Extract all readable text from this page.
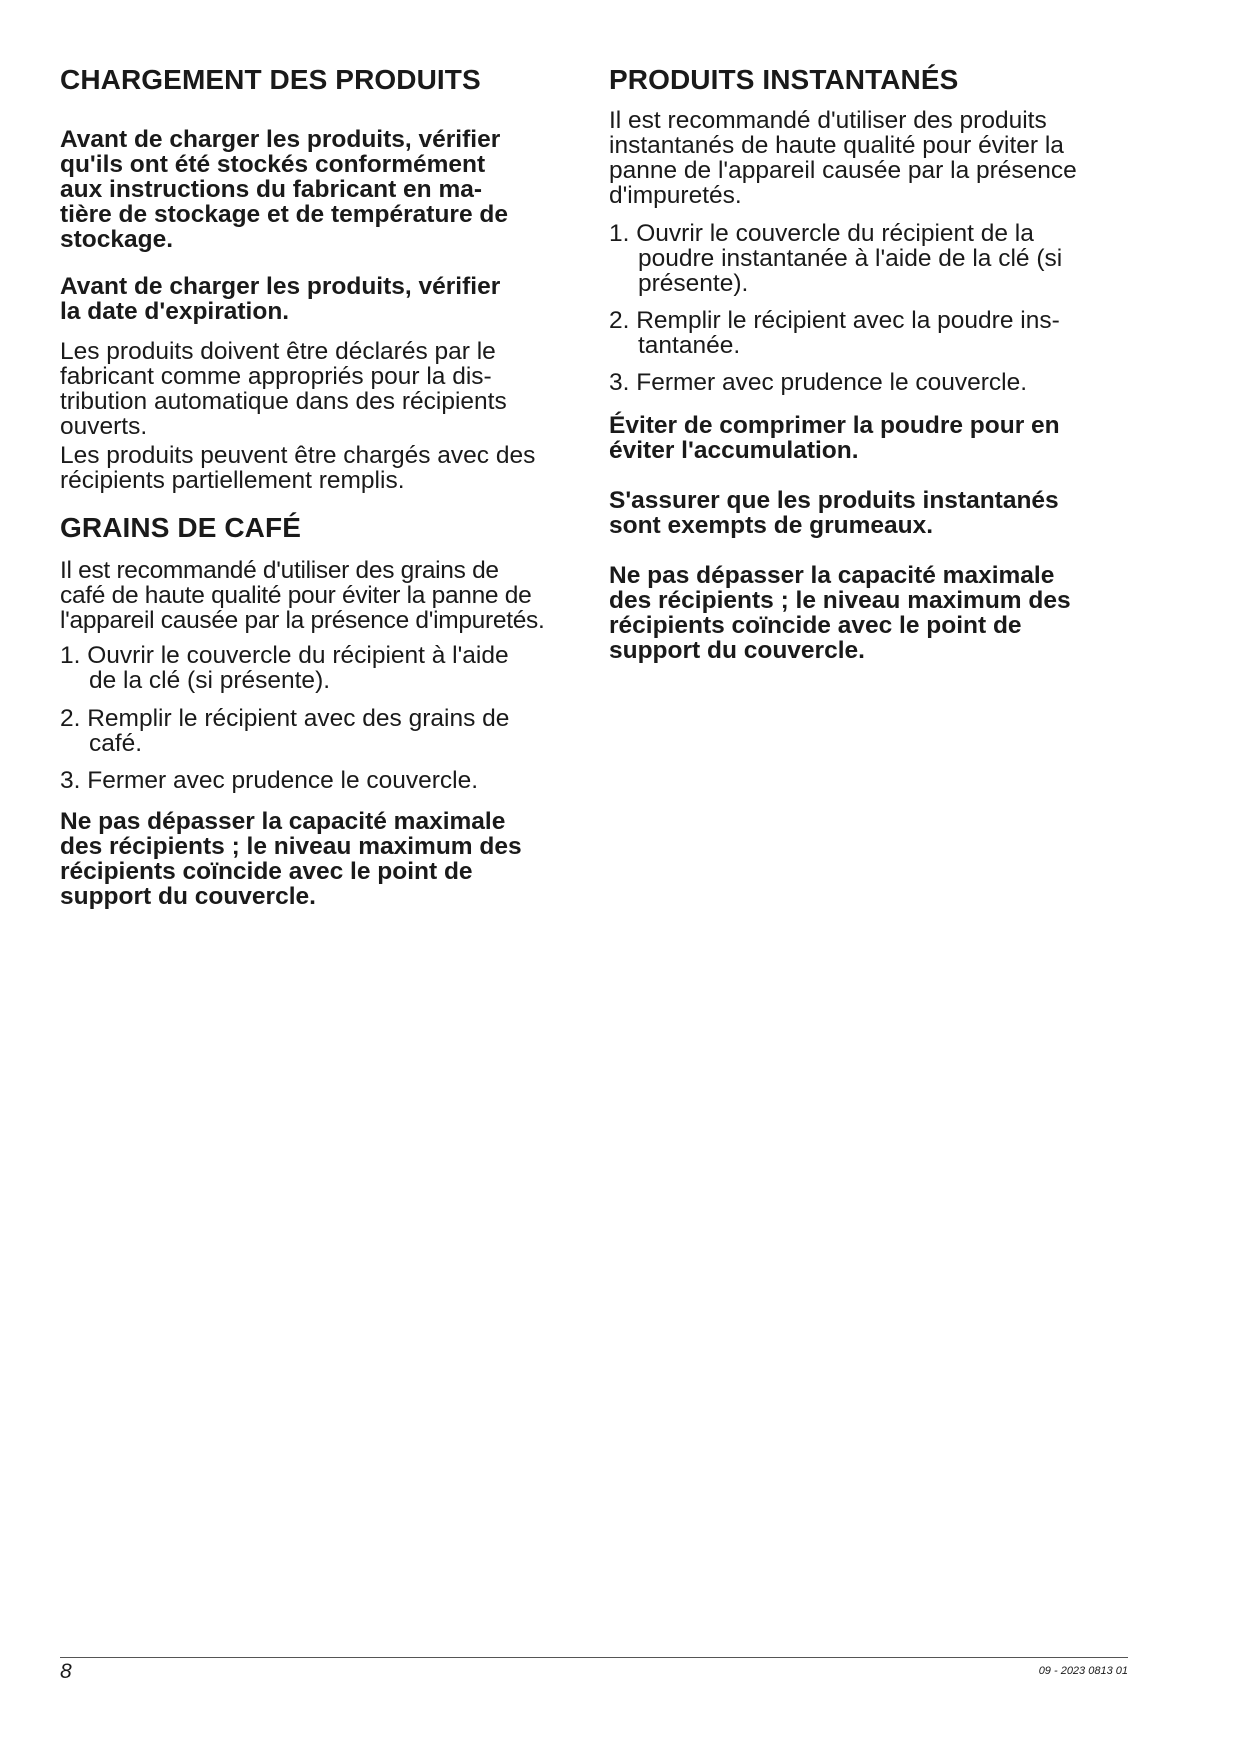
CHARGEMENT DES PRODUITS

Avant de charger les produits, vérifier
qu'ils ont été stockés conformément
aux instructions du fabricant en ma-
tière de stockage et de température de
stockage.

Avant de charger les produits, vérifier
la date d'expiration.

Les produits doivent être déclarés par le
fabricant comme appropriés pour la dis-
tribution automatique dans des récipients
ouverts.

Les produits peuvent être chargés avec des
récipients partiellement remplis.

GRAINS DE CAFÉ

Il est recommandé d'utiliser des grains de
café de haute qualité pour éviter la panne de
l'appareil causée par la présence d'impuretés.

1. Ouvrir le couvercle du récipient à l'aide
de la clé (si présente).

2. Remplir le récipient avec des grains de
café.

3. Fermer avec prudence le couvercle.

Ne pas dépasser la capacité maximale
des récipients ; le niveau maximum des
récipients coïncide avec le point de
support du couvercle.

PRODUITS INSTANTANÉS

Il est recommandé d'utiliser des produits
instantanés de haute qualité pour éviter la
panne de l'appareil causée par la présence
d'impuretés.

1. Ouvrir le couvercle du récipient de la
poudre instantanée à l'aide de la clé (si
présente).

2. Remplir le récipient avec la poudre ins-
tantanée.

3. Fermer avec prudence le couvercle.

Éviter de comprimer la poudre pour en
éviter l'accumulation.

S'assurer que les produits instantanés
sont exempts de grumeaux.

Ne pas dépasser la capacité maximale
des récipients ; le niveau maximum des
récipients coïncide avec le point de
support du couvercle.

8	09 - 2023 0813 01
